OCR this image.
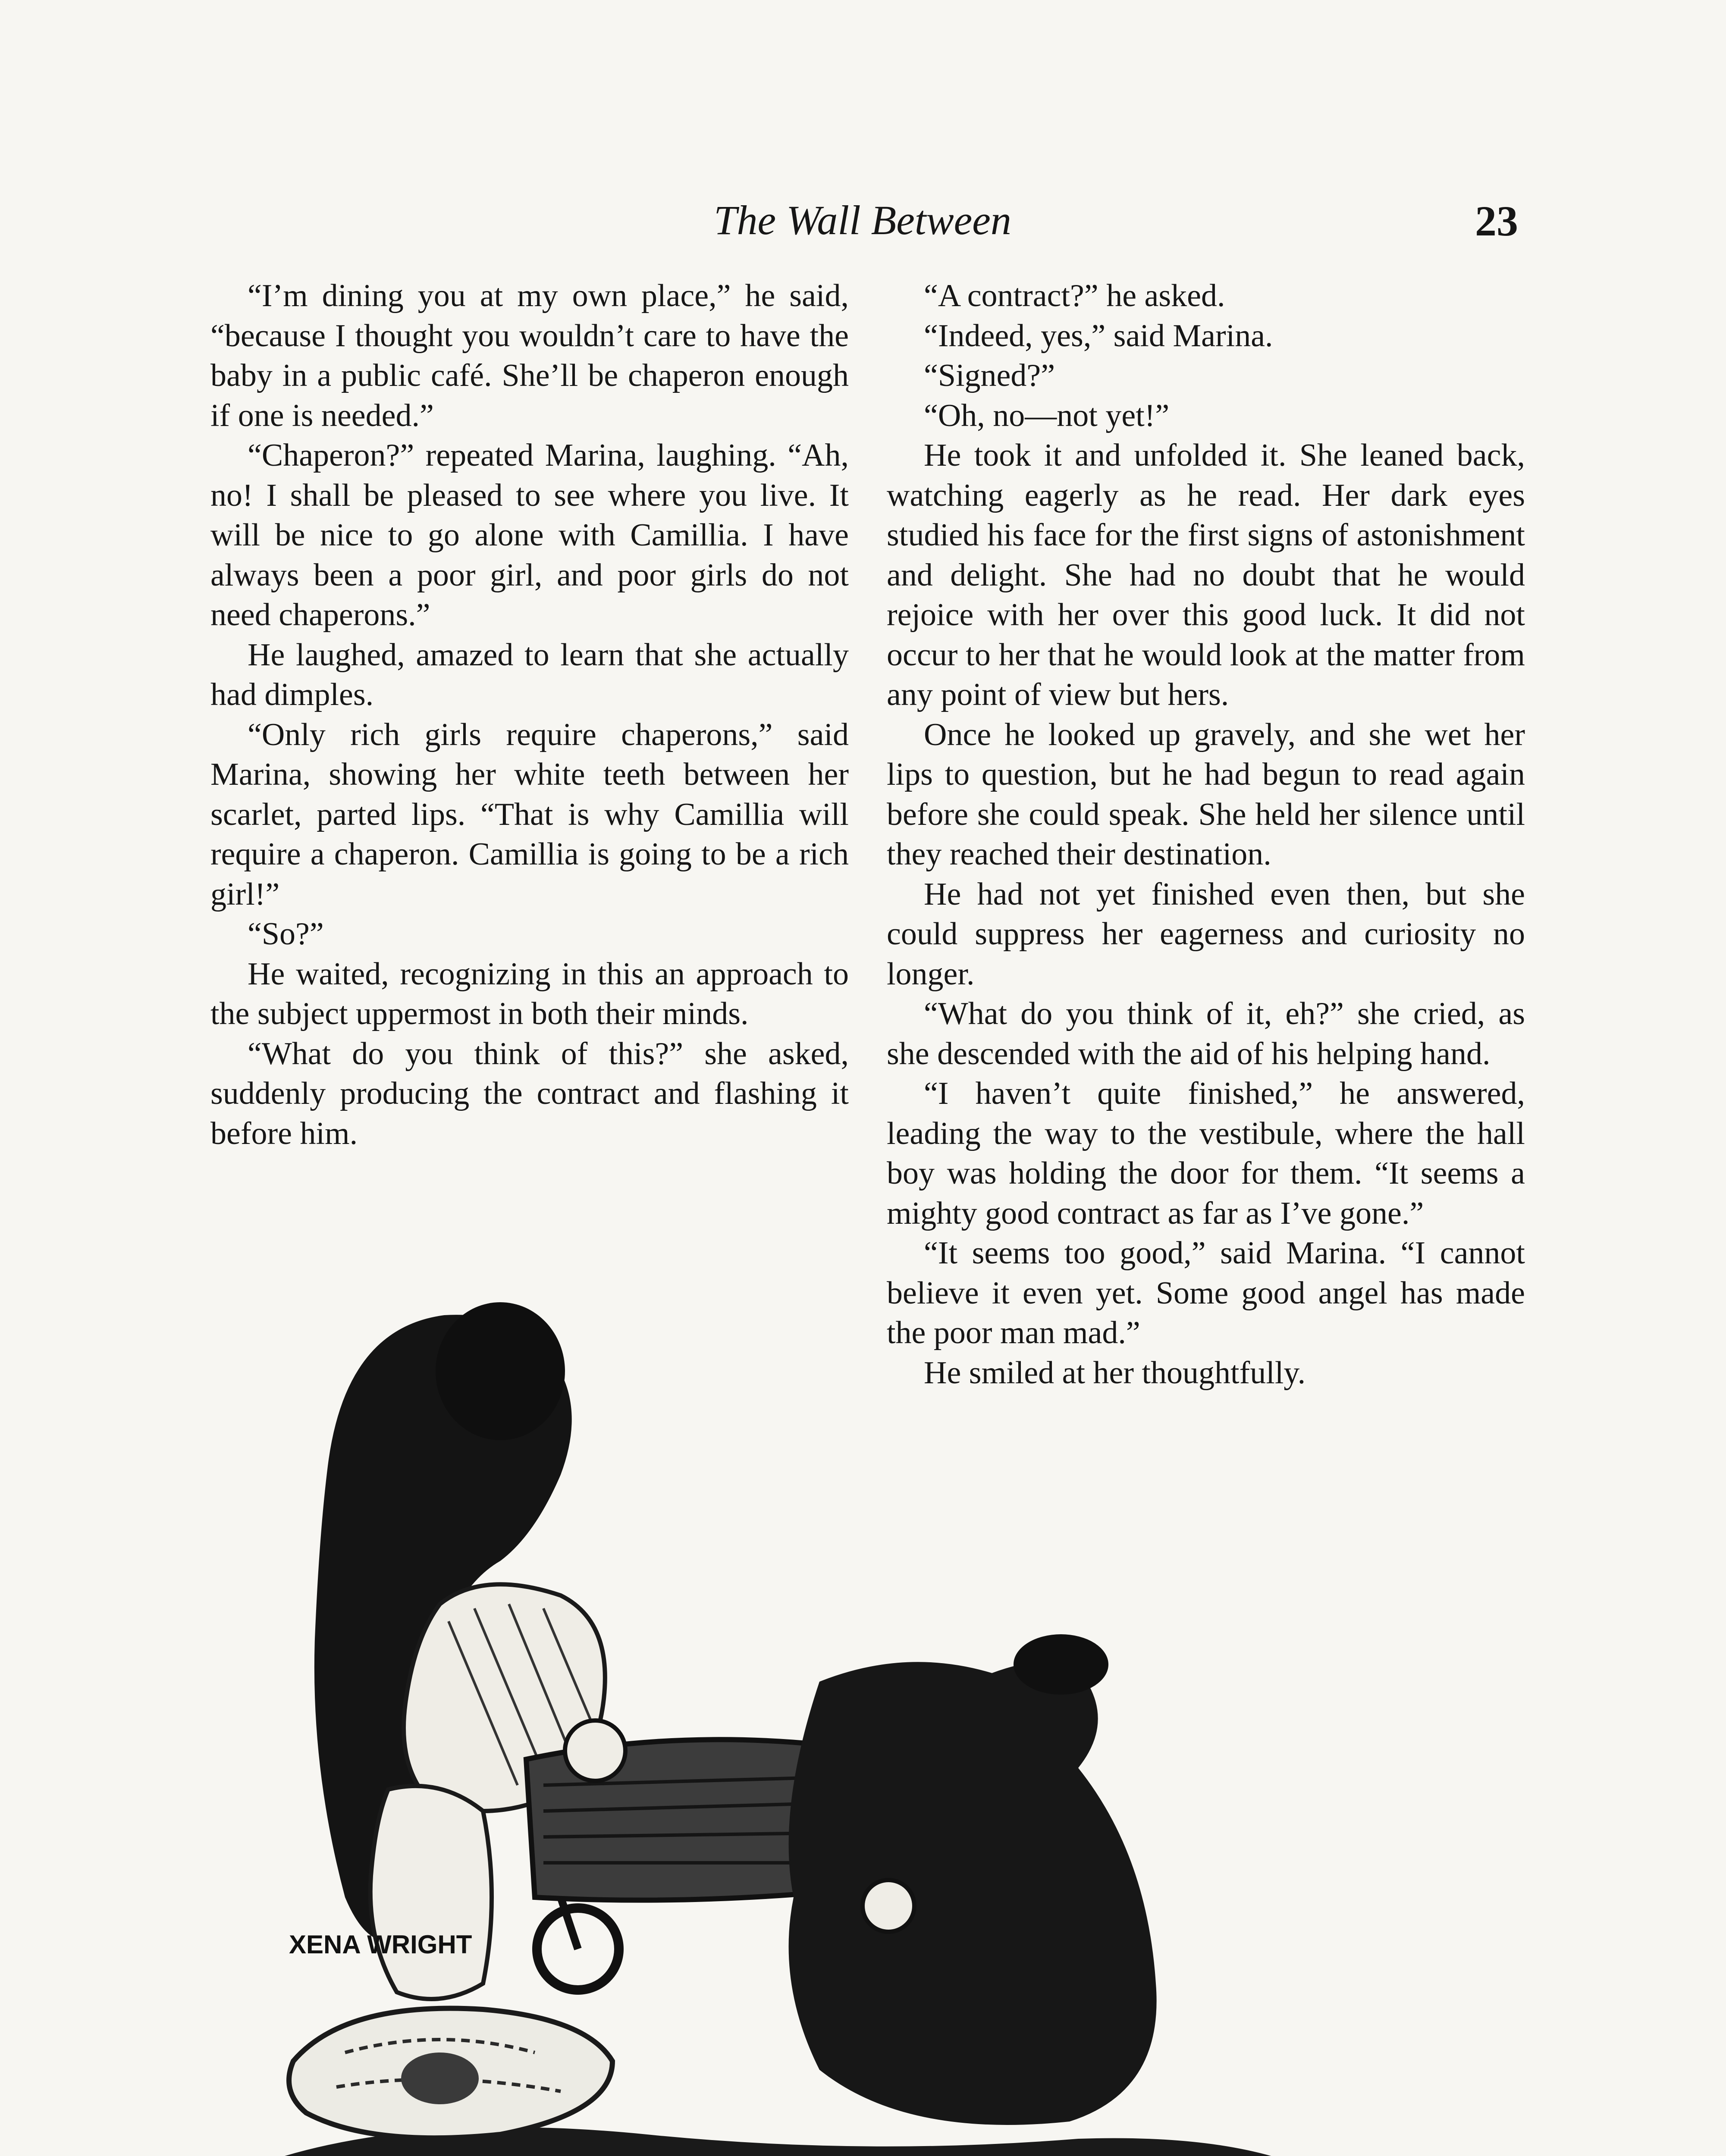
The Wall Between	23

“I’m dining you at my own place,” he said, “because I thought you wouldn’t care to have the baby in a public café. She’ll be chaperon enough if one is needed.”

“Chaperon?” repeated Marina, laughing. “Ah, no! I shall be pleased to see where you live. It will be nice to go alone with Camillia. I have always been a poor girl, and poor girls do not need chaperons.”

He laughed, amazed to learn that she actually had dimples.

“Only rich girls require chaperons,” said Marina, showing her white teeth between her scarlet, parted lips. “That is why Camillia will require a chaperon. Camillia is going to be a rich girl!”

“So?”

He waited, recognizing in this an approach to the subject uppermost in both their minds.

“What do you think of this?” she asked, suddenly producing the contract and flashing it before him.

“A contract?” he asked.

“Indeed, yes,” said Marina.

“Signed?”

“Oh, no—not yet!”

He took it and unfolded it. She leaned back, watching eagerly as he read. Her dark eyes studied his face for the first signs of astonishment and delight. She had no doubt that he would rejoice with her over this good luck. It did not occur to her that he would look at the matter from any point of view but hers.

Once he looked up gravely, and she wet her lips to question, but he had begun to read again before she could speak. She held her silence until they reached their destination.

He had not yet finished even then, but she could suppress her eagerness and curiosity no longer.

“What do you think of it, eh?” she cried, as she descended with the aid of his helping hand.

“I haven’t quite finished,” he answered, leading the way to the vestibule, where the hall boy was holding the door for them. “It seems a mighty good contract as far as I’ve gone.”

“It seems too good,” said Marina. “I cannot believe it even yet. Some good angel has made the poor man mad.”

He smiled at her thoughtfully.

XENA WRIGHT
